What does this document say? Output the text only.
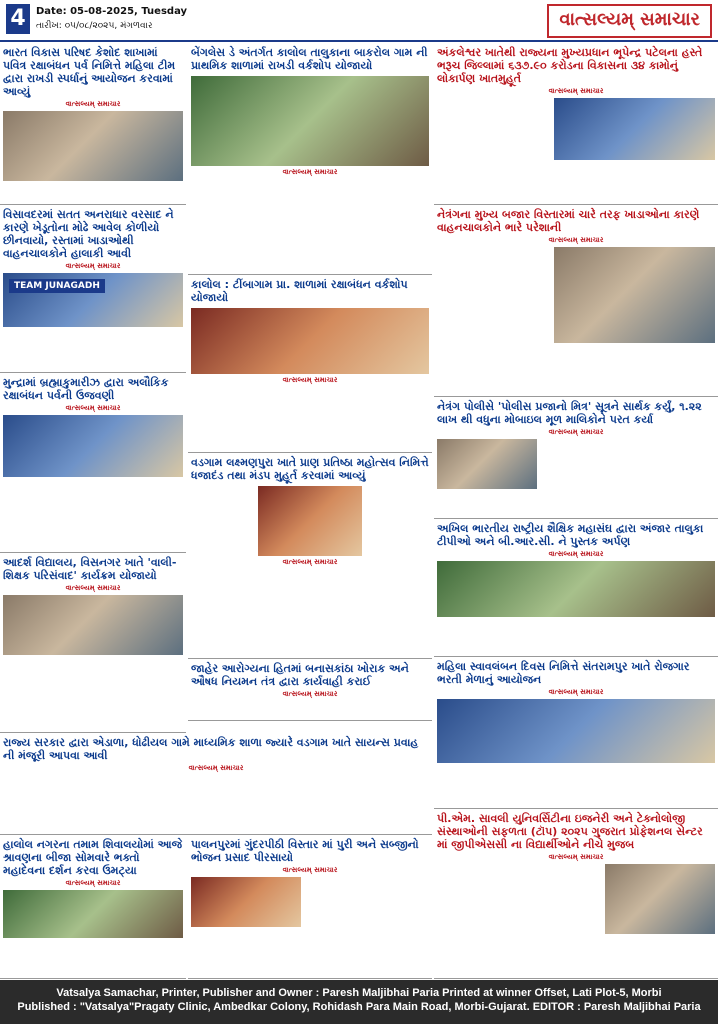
4	Date: 05-08-2025, Tuesday
તારીખ: ૦૫/૦૮/૨૦૨૫, મંગળવાર	વાત્સલ્યમ્ સમાચાર
ભારત વિકાસ પરિષદ કેશોદ શાખામાં પવિત્ર રક્ષાબંધન પર્વ નિમિત્તે મહિલા ટીમ દ્વારા રાખડી સ્પર્ધાનું આયોજન કરવામાં આવ્યું
વાત્સલ્યમ્ સમાચાર
બેંગલેસ ડે અંતર્ગત કાલોલ તાલુકાના બાકરોલ ગામ ની પ્રાથમિક શાળામાં રાખડી વર્કશોપ યોજાયો
વાત્સલ્યમ્ સમાચાર
અંકલેશ્વર ખાતેથી રાજ્યના મુખ્યપ્રધાન ભૂપેન્દ્ર પટેલના હસ્તે ભરૂચ જિલ્લામાં ૬૩૭.૯૦ કરોડના વિકાસના ૩૪ કામોનું લોકાર્પણ ખાતમુહૂર્ત
વાત્સલ્યમ્ સમાચાર
વિસાવદરમાં સતત અનરાધાર વરસાદ ને કારણે ખેડૂતોના મોઢે આવેલ કોળીયો છીનવાયો, રસ્તામાં ખાડાઓથી વાહનચાલકોને હાલાકી આવી
વાત્સલ્યમ્ સમાચાર
TEAM JUNAGADH
નેત્રંગના મુખ્ય બજાર વિસ્તારમાં ચારે તરફ ખાડાઓના કારણે વાહનચાલકોને ભારે પરેશાની
વાત્સલ્યમ્ સમાચાર
કાલોલ : ટીંબાગામ પ્રા. શાળામાં રક્ષાબંધન વર્કશોપ યોજાયો
વાત્સલ્યમ્ સમાચાર
નેત્રંગ પોલીસે 'પોલીસ પ્રજાનો મિત્ર' સૂત્રને સાર્થક કર્યું, ૧.૨૨ લાખ થી વધુના મોબાઇલ મૂળ માલિકોને પરત કર્યા
વાત્સલ્યમ્ સમાચાર
મુન્દ્રામાં બ્રહ્માકુમારીઝ દ્વારા અલૌકિક રક્ષાબંધન પર્વની ઉજવણી
વાત્સલ્યમ્ સમાચાર
વડગામ લક્ષ્મણપુરા ખાતે પ્રાણ પ્રતિષ્ઠા મહોત્સવ નિમિત્તે ધજાદંડ તથા મંડપ મુહૂર્ત કરવામાં આવ્યું
વાત્સલ્યમ્ સમાચાર
અખિલ ભારતીય રાષ્ટ્રીય શૈક્ષિક મહાસંઘ દ્વારા અંજાર તાલુકા ટીપીઓ અને બી.આર.સી. ને પુસ્તક અર્પણ
વાત્સલ્યમ્ સમાચાર
આદર્શ વિદ્યાલય, વિસનગર ખાતે 'વાલી-શિક્ષક પરિસંવાદ' કાર્યક્રમ યોજાયો
વાત્સલ્યમ્ સમાચાર
જાહેર આરોગ્યના હિતમાં બનાસકાંઠા ખોરાક અને ઔષધ નિયમન તંત્ર દ્વારા કાર્યવાહી કરાઈ
વાત્સલ્યમ્ સમાચાર
મહિલા સ્વાવલંબન દિવસ નિમિત્તે સંતરામપુર ખાતે રોજગાર ભરતી મેળાનું આયોજન
વાત્સલ્યમ્ સમાચાર
રાજ્ય સરકાર દ્વારા એડાળા, ધોઢીયલ ગામે માધ્યમિક શાળા જ્યારે વડગામ ખાતે સાયન્સ પ્રવાહ ની મંજૂરી આપવા આવી
વાત્સલ્યમ્ સમાચાર
પી.એમ. સાવલી યુનિવર્સિટીના ઇજનેરી અને ટેક્નોલોજી સંસ્થાઓની સફળતા (ટૉપ) ૨૦૨૫ ગુજરાત પ્રોફેશનલ સેન્ટર માં જીપીએસસી ના વિદ્યાર્થીઓને નીચે મુજબ
વાત્સલ્યમ્ સમાચાર
હાલોલ નગરના તમામ શિવાલયોમાં આજે શ્રાવણના બીજા સોમવારે ભક્તો મહાદેવના દર્શન કરવા ઉમટ્યા
વાત્સલ્યમ્ સમાચાર
પાલનપુરમાં ગુંદરપીઠી વિસ્તાર માં પુરી અને સબ્જીનો ભોજન પ્રસાદ પીરસાયો
વાત્સલ્યમ્ સમાચાર
Vatsalya Samachar, Printer, Publisher and Owner : Paresh Maljibhai Paria Printed at winner Offset, Lati Plot-5, Morbi
Published : "Vatsalya"Pragaty Clinic, Ambedkar Colony, Rohidash Para Main Road, Morbi-Gujarat. EDITOR : Paresh Maljibhai Paria
